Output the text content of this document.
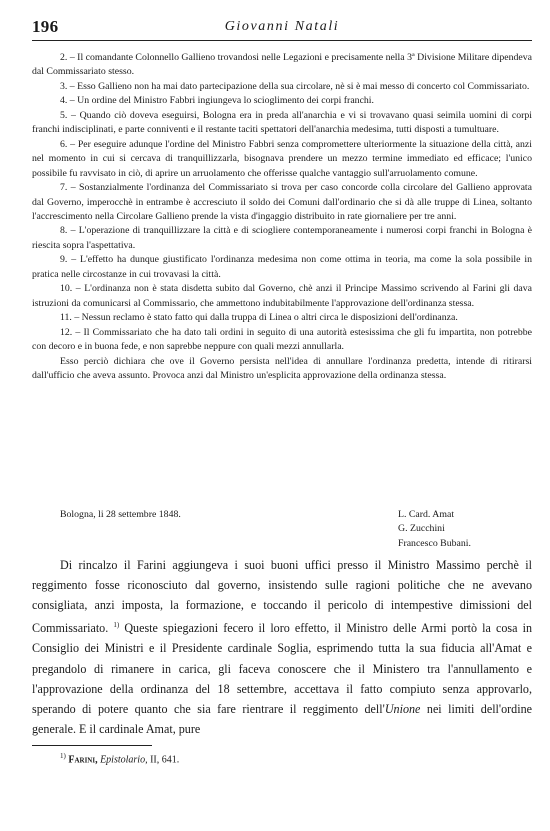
196	Giovanni Natali

2. – Il comandante Colonnello Gallieno trovandosi nelle Legazioni e precisamente nella 3ª Divisione Militare dipendeva dal Commissariato stesso.

3. – Esso Gallieno non ha mai dato partecipazione della sua circolare, nè si è mai messo di concerto col Commissariato.

4. – Un ordine del Ministro Fabbri ingiungeva lo scioglimento dei corpi franchi.

5. – Quando ciò doveva eseguirsi, Bologna era in preda all'anarchia e vi si trovavano quasi seimila uomini di corpi franchi indisciplinati, e parte conniventi e il restante taciti spettatori dell'anarchia medesima, tutti disposti a tumultuare.

6. – Per eseguire adunque l'ordine del Ministro Fabbri senza compromettere ulteriormente la situazione della città, anzi nel momento in cui si cercava di tranquillizzarla, bisognava prendere un mezzo termine immediato ed efficace; l'unico possibile fu ravvisato in ciò, di aprire un arruolamento che offerisse qualche vantaggio sull'arruolamento comune.

7. – Sostanzialmente l'ordinanza del Commissariato si trova per caso concorde colla circolare del Gallieno approvata dal Governo, imperocchè in entrambe è accresciuto il soldo dei Comuni dall'ordinario che si dà alle truppe di Linea, soltanto l'accrescimento nella Circolare Gallieno prende la vista d'ingaggio distribuito in rate giornaliere per tre anni.

8. – L'operazione di tranquillizzare la città e di sciogliere contemporaneamente i numerosi corpi franchi in Bologna è riescita sopra l'aspettativa.

9. – L'effetto ha dunque giustificato l'ordinanza medesima non come ottima in teoria, ma come la sola possibile in pratica nelle circostanze in cui trovavasi la città.

10. – L'ordinanza non è stata disdetta subito dal Governo, chè anzi il Principe Massimo scrivendo al Farini gli dava istruzioni da comunicarsi al Commissario, che ammettono indubitabilmente l'approvazione dell'ordinanza stessa.

11. – Nessun reclamo è stato fatto qui dalla truppa di Linea o altri circa le disposizioni dell'ordinanza.

12. – Il Commissariato che ha dato tali ordini in seguito di una autorità estesissima che gli fu impartita, non potrebbe con decoro e in buona fede, e non saprebbe neppure con quali mezzi annullarla.

Esso perciò dichiara che ove il Governo persista nell'idea di annullare l'ordinanza predetta, intende di ritirarsi dall'ufficio che aveva assunto. Provoca anzi dal Ministro un'esplicita approvazione della ordinanza stessa.

Bologna, li 28 settembre 1848.	L. Card. Amat
G. Zucchini
Francesco Bubani.

Di rincalzo il Farini aggiungeva i suoi buoni uffici presso il Ministro Massimo perchè il reggimento fosse riconosciuto dal governo, insistendo sulle ragioni politiche che ne avevano consigliata, anzi imposta, la formazione, e toccando il pericolo di intempestive dimissioni del Commissariato. $^{1)}$ Queste spiegazioni fecero il loro effetto, il Ministro delle Armi portò la cosa in Consiglio dei Ministri e il Presidente cardinale Soglia, esprimendo tutta la sua fiducia all'Amat e pregandolo di rimanere in carica, gli faceva conoscere che il Ministero tra l'annullamento e l'approvazione della ordinanza del 18 settembre, accettava il fatto compiuto senza approvarlo, sperando di potere quanto che sia fare rientrare il reggimento dell'Unione nei limiti dell'ordine generale. E il cardinale Amat, pure

$^{1)}$ Farini, Epistolario, II, 641.
